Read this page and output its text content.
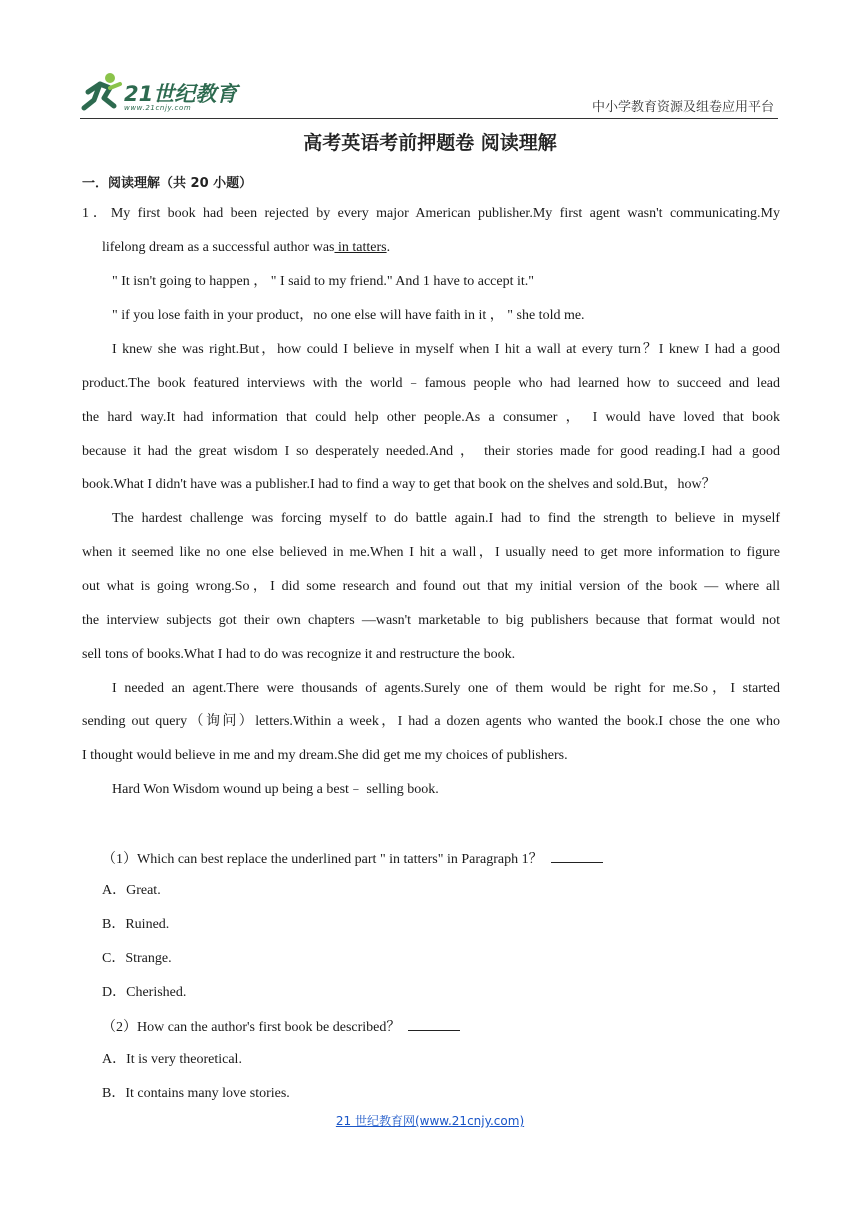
21世纪教育
www.21cnjy.com	中小学教育资源及组卷应用平台
高考英语考前押题卷 阅读理解
一．阅读理解（共 20 小题）
1．My first book had been rejected by every major American publisher.My first agent wasn't communicating.My
lifelong dream as a successful author was in tatters.
" It isn't going to happen ， " I said to my friend." And 1 have to accept it."
" if you lose faith in your product，no one else will have faith in it ， " she told me.
I knew she was right.But，how could I believe in myself when I hit a wall at every turn？I knew I had a good
product.The book featured interviews with the world﹣famous people who had learned how to succeed and lead
the hard way.It had information that could help other people.As a consumer ， I would have loved that book
because it had the great wisdom I so desperately needed.And ， their stories made for good reading.I had a good
book.What I didn't have was a publisher.I had to find a way to get that book on the shelves and sold.But，how？
The hardest challenge was forcing myself to do battle again.I had to find the strength to believe in myself
when it seemed like no one else believed in me.When I hit a wall，I usually need to get more information to figure
out what is going wrong.So，I did some research and found out that my initial version of the book — where all
the interview subjects got their own chapters —wasn't marketable to big publishers because that format would not
sell tons of books.What I had to do was recognize it and restructure the book.
I needed an agent.There were thousands of agents.Surely one of them would be right for me.So，I started
sending out query（询问）letters.Within a week，I had a dozen agents who wanted the book.I chose the one who
I thought would believe in me and my dream.She did get me my choices of publishers.
Hard Won Wisdom wound up being a best﹣ selling book.
（1）Which can best replace the underlined part " in tatters" in Paragraph 1？
A．Great.
B．Ruined.
C．Strange.
D．Cherished.
（2）How can the author's first book be described？
A．It is very theoretical.
B．It contains many love stories.
21 世纪教育网(www.21cnjy.com)
